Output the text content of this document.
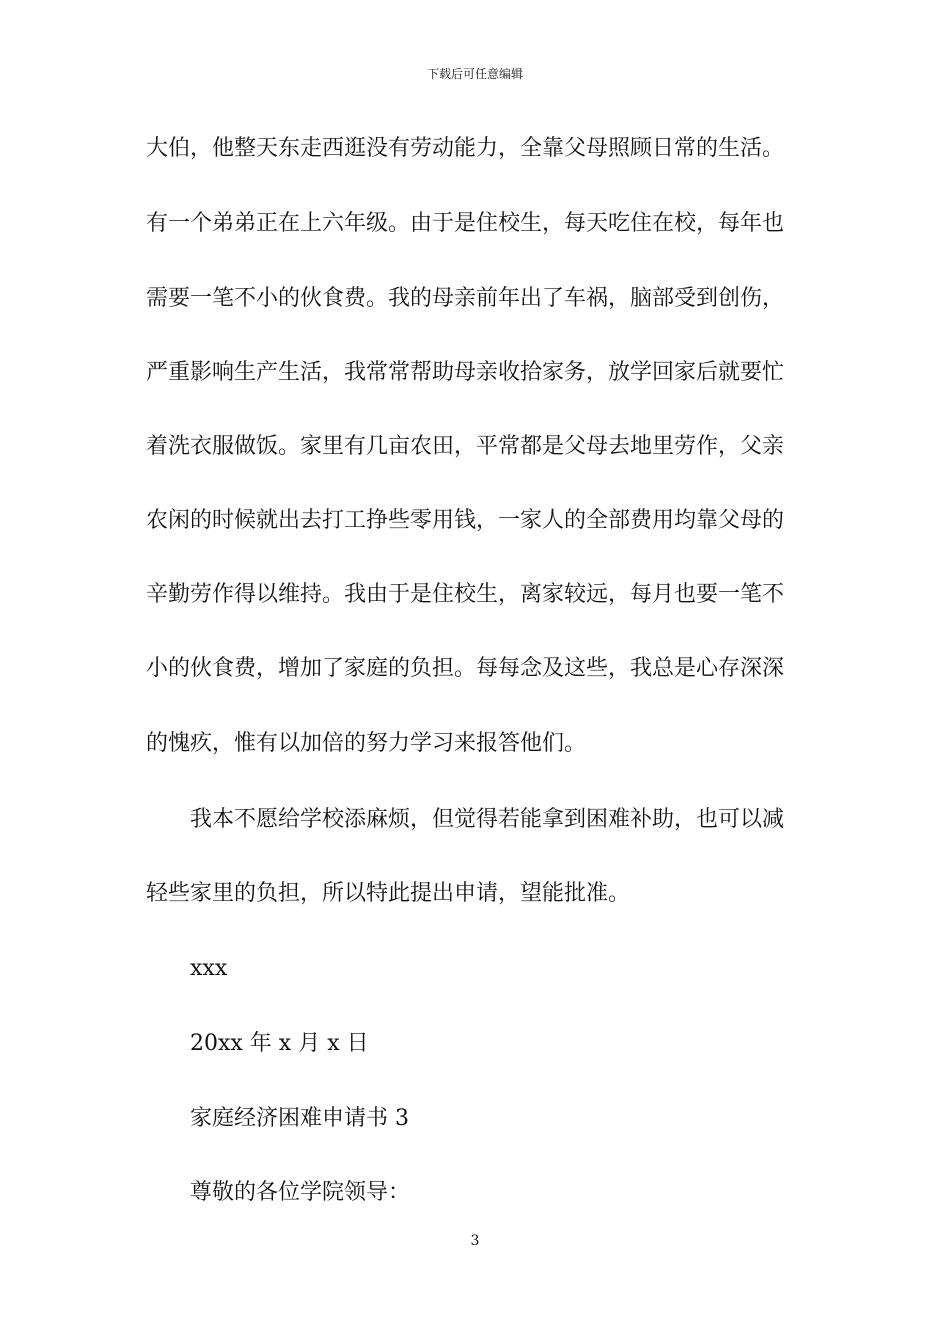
下载后可任意编辑
大伯，他整天东走西逛没有劳动能力，全靠父母照顾日常的生活。
有一个弟弟正在上六年级。由于是住校生，每天吃住在校，每年也
需要一笔不小的伙食费。我的母亲前年出了车祸，脑部受到创伤，
严重影响生产生活，我常常帮助母亲收拾家务，放学回家后就要忙
着洗衣服做饭。家里有几亩农田，平常都是父母去地里劳作，父亲
农闲的时候就出去打工挣些零用钱，一家人的全部费用均靠父母的
辛勤劳作得以维持。我由于是住校生，离家较远，每月也要一笔不
小的伙食费，增加了家庭的负担。每每念及这些，我总是心存深深
的愧疚，惟有以加倍的努力学习来报答他们。
我本不愿给学校添麻烦，但觉得若能拿到困难补助，也可以减
轻些家里的负担，所以特此提出申请，望能批准。
xxx
20xx 年 x 月 x 日
家庭经济困难申请书 3
尊敬的各位学院领导：
3
